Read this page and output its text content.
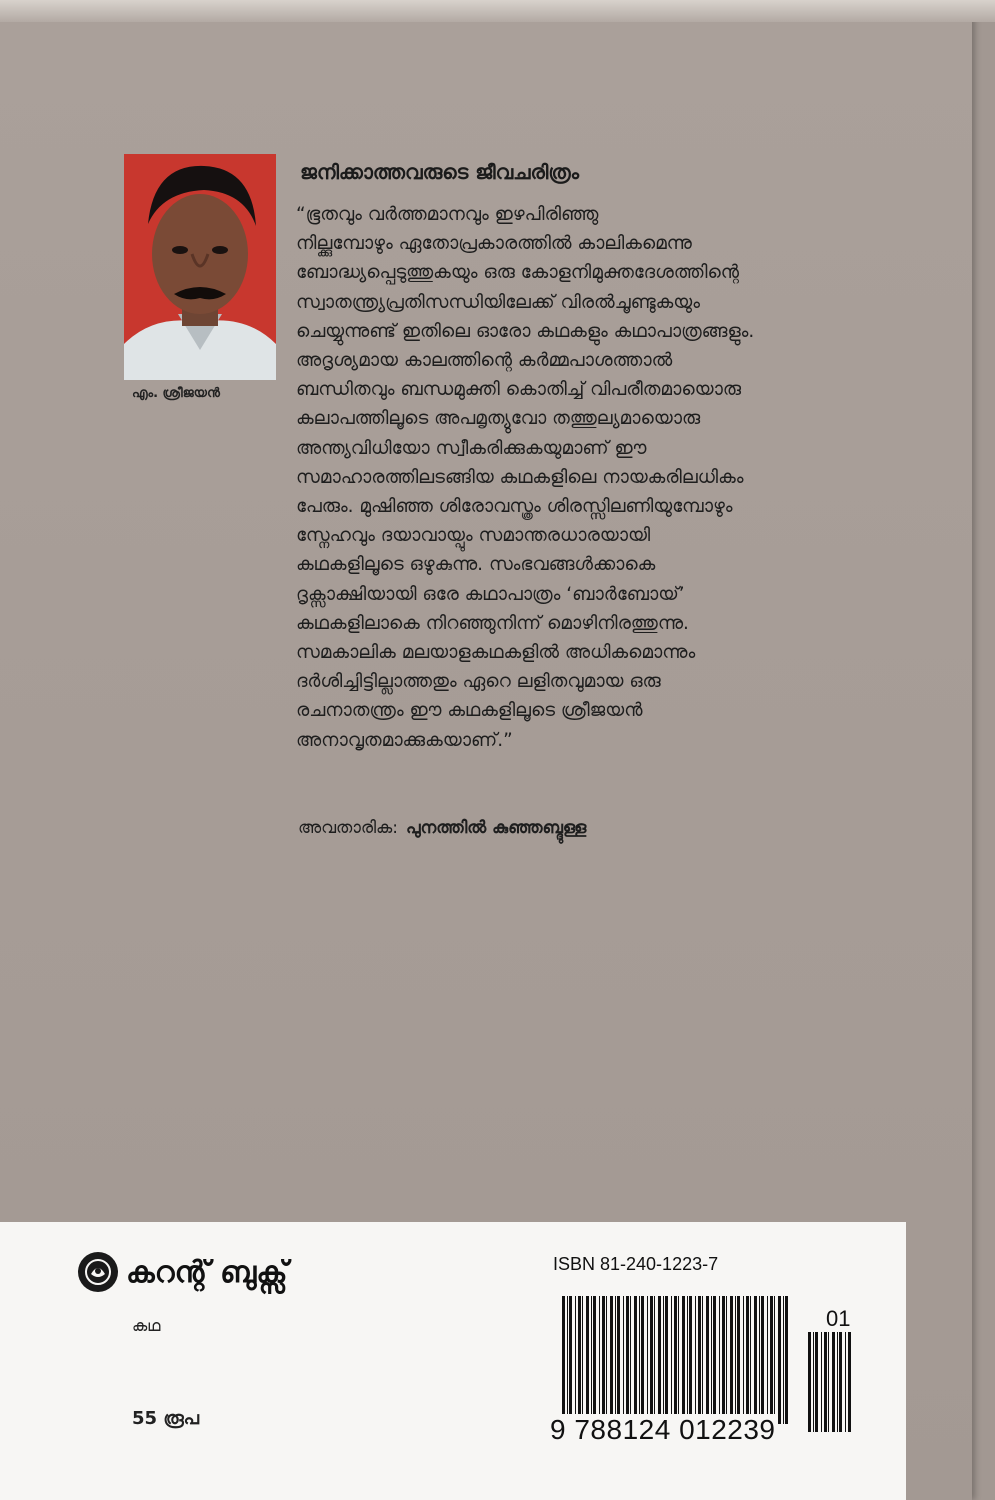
എം. ശ്രീജയൻ
ജനിക്കാത്തവരുടെ ജീവചരിത്രം
“ഭൂതവും വർത്തമാനവും ഇഴപിരിഞ്ഞു
നില്ക്കുമ്പോഴും ഏതോപ്രകാരത്തിൽ കാലികമെന്നു
ബോദ്ധ്യപ്പെടുത്തുകയും ഒരു കോളനിമുക്തദേശത്തിന്റെ
സ്വാതന്ത്ര്യപ്രതിസന്ധിയിലേക്ക് വിരൽചൂണ്ടുകയും
ചെയ്യുന്നുണ്ട് ഇതിലെ ഓരോ കഥകളും കഥാപാത്രങ്ങളും.
അദൃശ്യമായ കാലത്തിന്റെ കർമ്മപാശത്താൽ
ബന്ധിതവും ബന്ധമുക്തി കൊതിച്ച് വിപരീതമായൊരു
കലാപത്തിലൂടെ അപമൃത്യുവോ തത്തുല്യമായൊരു
അന്ത്യവിധിയോ സ്വീകരിക്കുകയുമാണ് ഈ
സമാഹാരത്തിലടങ്ങിയ കഥകളിലെ നായകരിലധികം
പേരും. മുഷിഞ്ഞ ശിരോവസ്ത്രം ശിരസ്സിലണിയുമ്പോഴും
സ്നേഹവും ദയാവായ്പും സമാന്തരധാരയായി
കഥകളിലൂടെ ഒഴുകുന്നു. സംഭവങ്ങൾക്കാകെ
ദൃക്സാക്ഷിയായി ഒരേ കഥാപാത്രം ‘ബാർബോയ്’
കഥകളിലാകെ നിറഞ്ഞുനിന്ന് മൊഴിനിരത്തുന്നു.
സമകാലിക മലയാളകഥകളിൽ അധികമൊന്നും
ദർശിച്ചിട്ടില്ലാത്തതും ഏറെ ലളിതവുമായ ഒരു
രചനാതന്ത്രം ഈ കഥകളിലൂടെ ശ്രീജയൻ
അനാവൃതമാക്കുകയാണ്.”
അവതാരിക: പുനത്തിൽ കുഞ്ഞബ്ദുള്ള
കറന്റ് ബുക്സ്
കഥ
55 രൂപ
ISBN 81-240-1223-7
9 788124 012239
01
